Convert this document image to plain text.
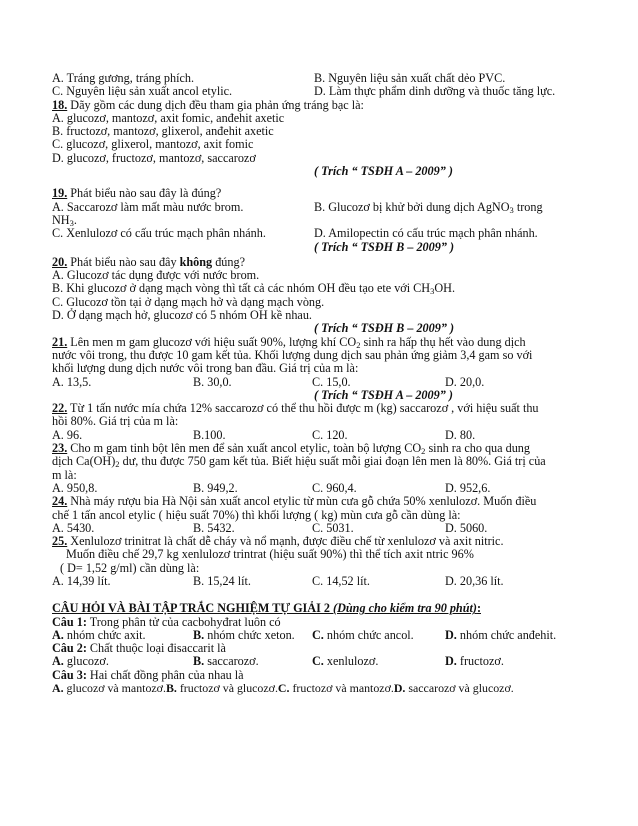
A. Tráng gương, tráng phích.	B. Nguyên liệu sản xuất chất dẻo PVC.
C. Nguyên liệu sản xuất ancol etylic.	D. Làm thực phẩm dinh dưỡng và thuốc tăng lực.
18. Dãy gồm các dung dịch đều tham gia phản ứng tráng bạc là:
A. glucozơ, mantozơ, axit fomic, anđehit axetic
B. fructozơ, mantozơ, glixerol, anđehit axetic
C. glucozơ, glixerol, mantozơ, axit fomic
D. glucozơ, fructozơ, mantozơ, saccarozơ
( Trích “ TSĐH A – 2009” )
19. Phát biểu nào sau đây là đúng?
A. Saccarozơ làm mất màu nước brom.	B. Glucozơ bị khử bởi dung dịch AgNO$_3$ trong
$NH_3$.
C. Xenlulozơ có cấu trúc mạch phân nhánh.	D. Amilopectin có cấu trúc mạch phân nhánh.
( Trích “ TSĐH B – 2009” )
20. Phát biểu nào sau đây không đúng?
A. Glucozơ tác dụng được với nước brom.
B. Khi glucozơ ở dạng mạch vòng thì tất cả các nhóm OH đều tạo ete với $CH_3OH$.
C. Glucozơ tồn tại ở dạng mạch hở và dạng mạch vòng.
D. Ở dạng mạch hở, glucozơ có 5 nhóm OH kề nhau.
( Trích “ TSĐH B – 2009” )
21. Lên men m gam glucozơ với hiệu suất 90%, lượng khí $CO_2$ sinh ra hấp thụ hết vào dung dịch
nước vôi trong, thu được 10 gam kết tủa. Khối lượng dung dịch sau phản ứng giảm 3,4 gam so với
khối lượng dung dịch nước vôi trong ban đầu. Giá trị của m là:
A. 13,5.	B. 30,0.	C. 15,0.	D. 20,0.
( Trích “ TSĐH A – 2009” )
22. Từ 1 tấn nước mía chứa 12% saccarozơ có thể thu hồi được m (kg) saccarozơ , với hiệu suất thu
hồi 80%. Giá trị của m là:
A. 96.	B.100.	C. 120.	D. 80.
23. Cho m gam tinh bột lên men để sản xuất ancol etylic, toàn bộ lượng $CO_2$ sinh ra cho qua dung
dịch $Ca(OH)_2$ dư, thu được 750 gam kết tủa. Biết hiệu suất mỗi giai đoạn lên men là 80%. Giá trị của
m là:
A. 950,8.	B. 949,2.	C. 960,4.	D. 952,6.
24. Nhà máy rượu bia Hà Nội sản xuất ancol etylic từ mùn cưa gỗ chứa 50% xenlulozơ. Muốn điều
chế 1 tấn ancol etylic ( hiệu suất 70%) thì khối lượng ( kg) mùn cưa gỗ cần dùng là:
A. 5430.	B. 5432.	C. 5031.	D. 5060.
25. Xenlulozơ trinitrat là chất dễ cháy và nổ mạnh, được điều chế từ xenlulozơ và axit nitric.
Muốn điều chế 29,7 kg xenlulozơ trintrat (hiệu suất 90%) thì thể tích axit ntric 96%
( D= 1,52 g/ml) cần dùng là:
A. 14,39 lít.	B. 15,24 lít.	C. 14,52 lít.	D. 20,36 lít.
CÂU HỎI VÀ BÀI TẬP TRẮC NGHIỆM TỰ GIẢI 2 (Dùng cho kiểm tra 90 phút):
Câu 1: Trong phân tử của cacbohyđrat luôn có
A. nhóm chức axit.	B. nhóm chức xeton. C. nhóm chức ancol.	D. nhóm chức anđehit.
Câu 2: Chất thuộc loại đisaccarit là
A. glucozơ.	B. saccarozơ.	C. xenlulozơ.	D. fructozơ.
Câu 3: Hai chất đồng phân của nhau là
A. glucozơ và mantozơ.B. fructozơ và glucozơ.C. fructozơ và mantozơ.D. saccarozơ và glucozơ.
